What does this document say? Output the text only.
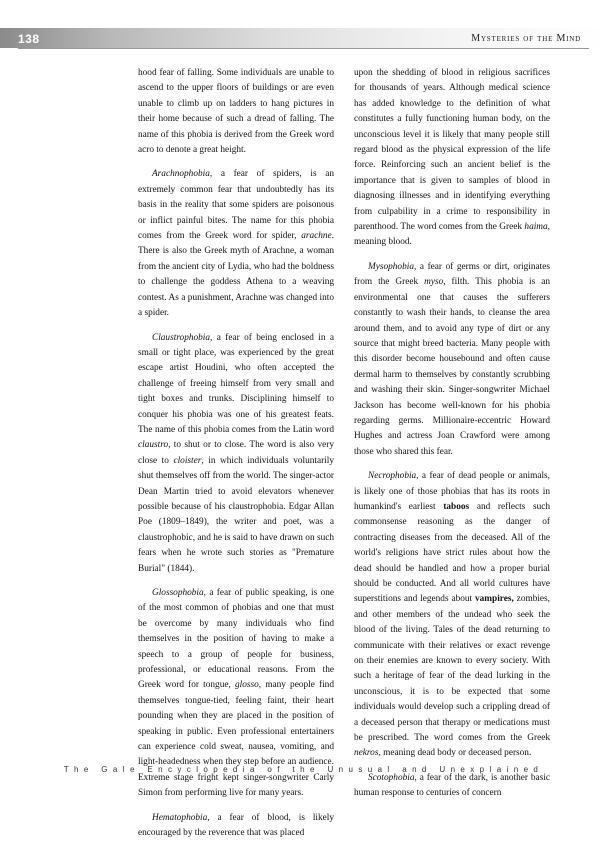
138	Mysteries of the Mind

hood fear of falling. Some individuals are unable to ascend to the upper floors of buildings or are even unable to climb up on ladders to hang pictures in their home because of such a dread of falling. The name of this phobia is derived from the Greek word acro to denote a great height.

Arachnophobia, a fear of spiders, is an extremely common fear that undoubtedly has its basis in the reality that some spiders are poisonous or inflict painful bites. The name for this phobia comes from the Greek word for spider, arachne. There is also the Greek myth of Arachne, a woman from the ancient city of Lydia, who had the boldness to challenge the goddess Athena to a weaving contest. As a punishment, Arachne was changed into a spider.

Claustrophobia, a fear of being enclosed in a small or tight place, was experienced by the great escape artist Houdini, who often accepted the challenge of freeing himself from very small and tight boxes and trunks. Disciplining himself to conquer his phobia was one of his greatest feats. The name of this phobia comes from the Latin word claustro, to shut or to close. The word is also very close to cloister, in which individuals voluntarily shut themselves off from the world. The singer-actor Dean Martin tried to avoid elevators whenever possible because of his claustrophobia. Edgar Allan Poe (1809–1849), the writer and poet, was a claustrophobic, and he is said to have drawn on such fears when he wrote such stories as "Premature Burial" (1844).

Glossophobia, a fear of public speaking, is one of the most common of phobias and one that must be overcome by many individuals who find themselves in the position of having to make a speech to a group of people for business, professional, or educational reasons. From the Greek word for tongue, glosso, many people find themselves tongue-tied, feeling faint, their heart pounding when they are placed in the position of speaking in public. Even professional entertainers can experience cold sweat, nausea, vomiting, and light-headedness when they step before an audience. Extreme stage fright kept singer-songwriter Carly Simon from performing live for many years.

Hematophobia, a fear of blood, is likely encouraged by the reverence that was placed

upon the shedding of blood in religious sacrifices for thousands of years. Although medical science has added knowledge to the definition of what constitutes a fully functioning human body, on the unconscious level it is likely that many people still regard blood as the physical expression of the life force. Reinforcing such an ancient belief is the importance that is given to samples of blood in diagnosing illnesses and in identifying everything from culpability in a crime to responsibility in parenthood. The word comes from the Greek haima, meaning blood.

Mysophobia, a fear of germs or dirt, originates from the Greek myso, filth. This phobia is an environmental one that causes the sufferers constantly to wash their hands, to cleanse the area around them, and to avoid any type of dirt or any source that might breed bacteria. Many people with this disorder become housebound and often cause dermal harm to themselves by constantly scrubbing and washing their skin. Singer-songwriter Michael Jackson has become well-known for his phobia regarding germs. Millionaire-eccentric Howard Hughes and actress Joan Crawford were among those who shared this fear.

Necrophobia, a fear of dead people or animals, is likely one of those phobias that has its roots in humankind's earliest taboos and reflects such commonsense reasoning as the danger of contracting diseases from the deceased. All of the world's religions have strict rules about how the dead should be handled and how a proper burial should be conducted. And all world cultures have superstitions and legends about vampires, zombies, and other members of the undead who seek the blood of the living. Tales of the dead returning to communicate with their relatives or exact revenge on their enemies are known to every society. With such a heritage of fear of the dead lurking in the unconscious, it is to be expected that some individuals would develop such a crippling dread of a deceased person that therapy or medications must be prescribed. The word comes from the Greek nekros, meaning dead body or deceased person.

Scotophobia, a fear of the dark, is another basic human response to centuries of concern

The Gale Encyclopedia of the Unusual and Unexplained
